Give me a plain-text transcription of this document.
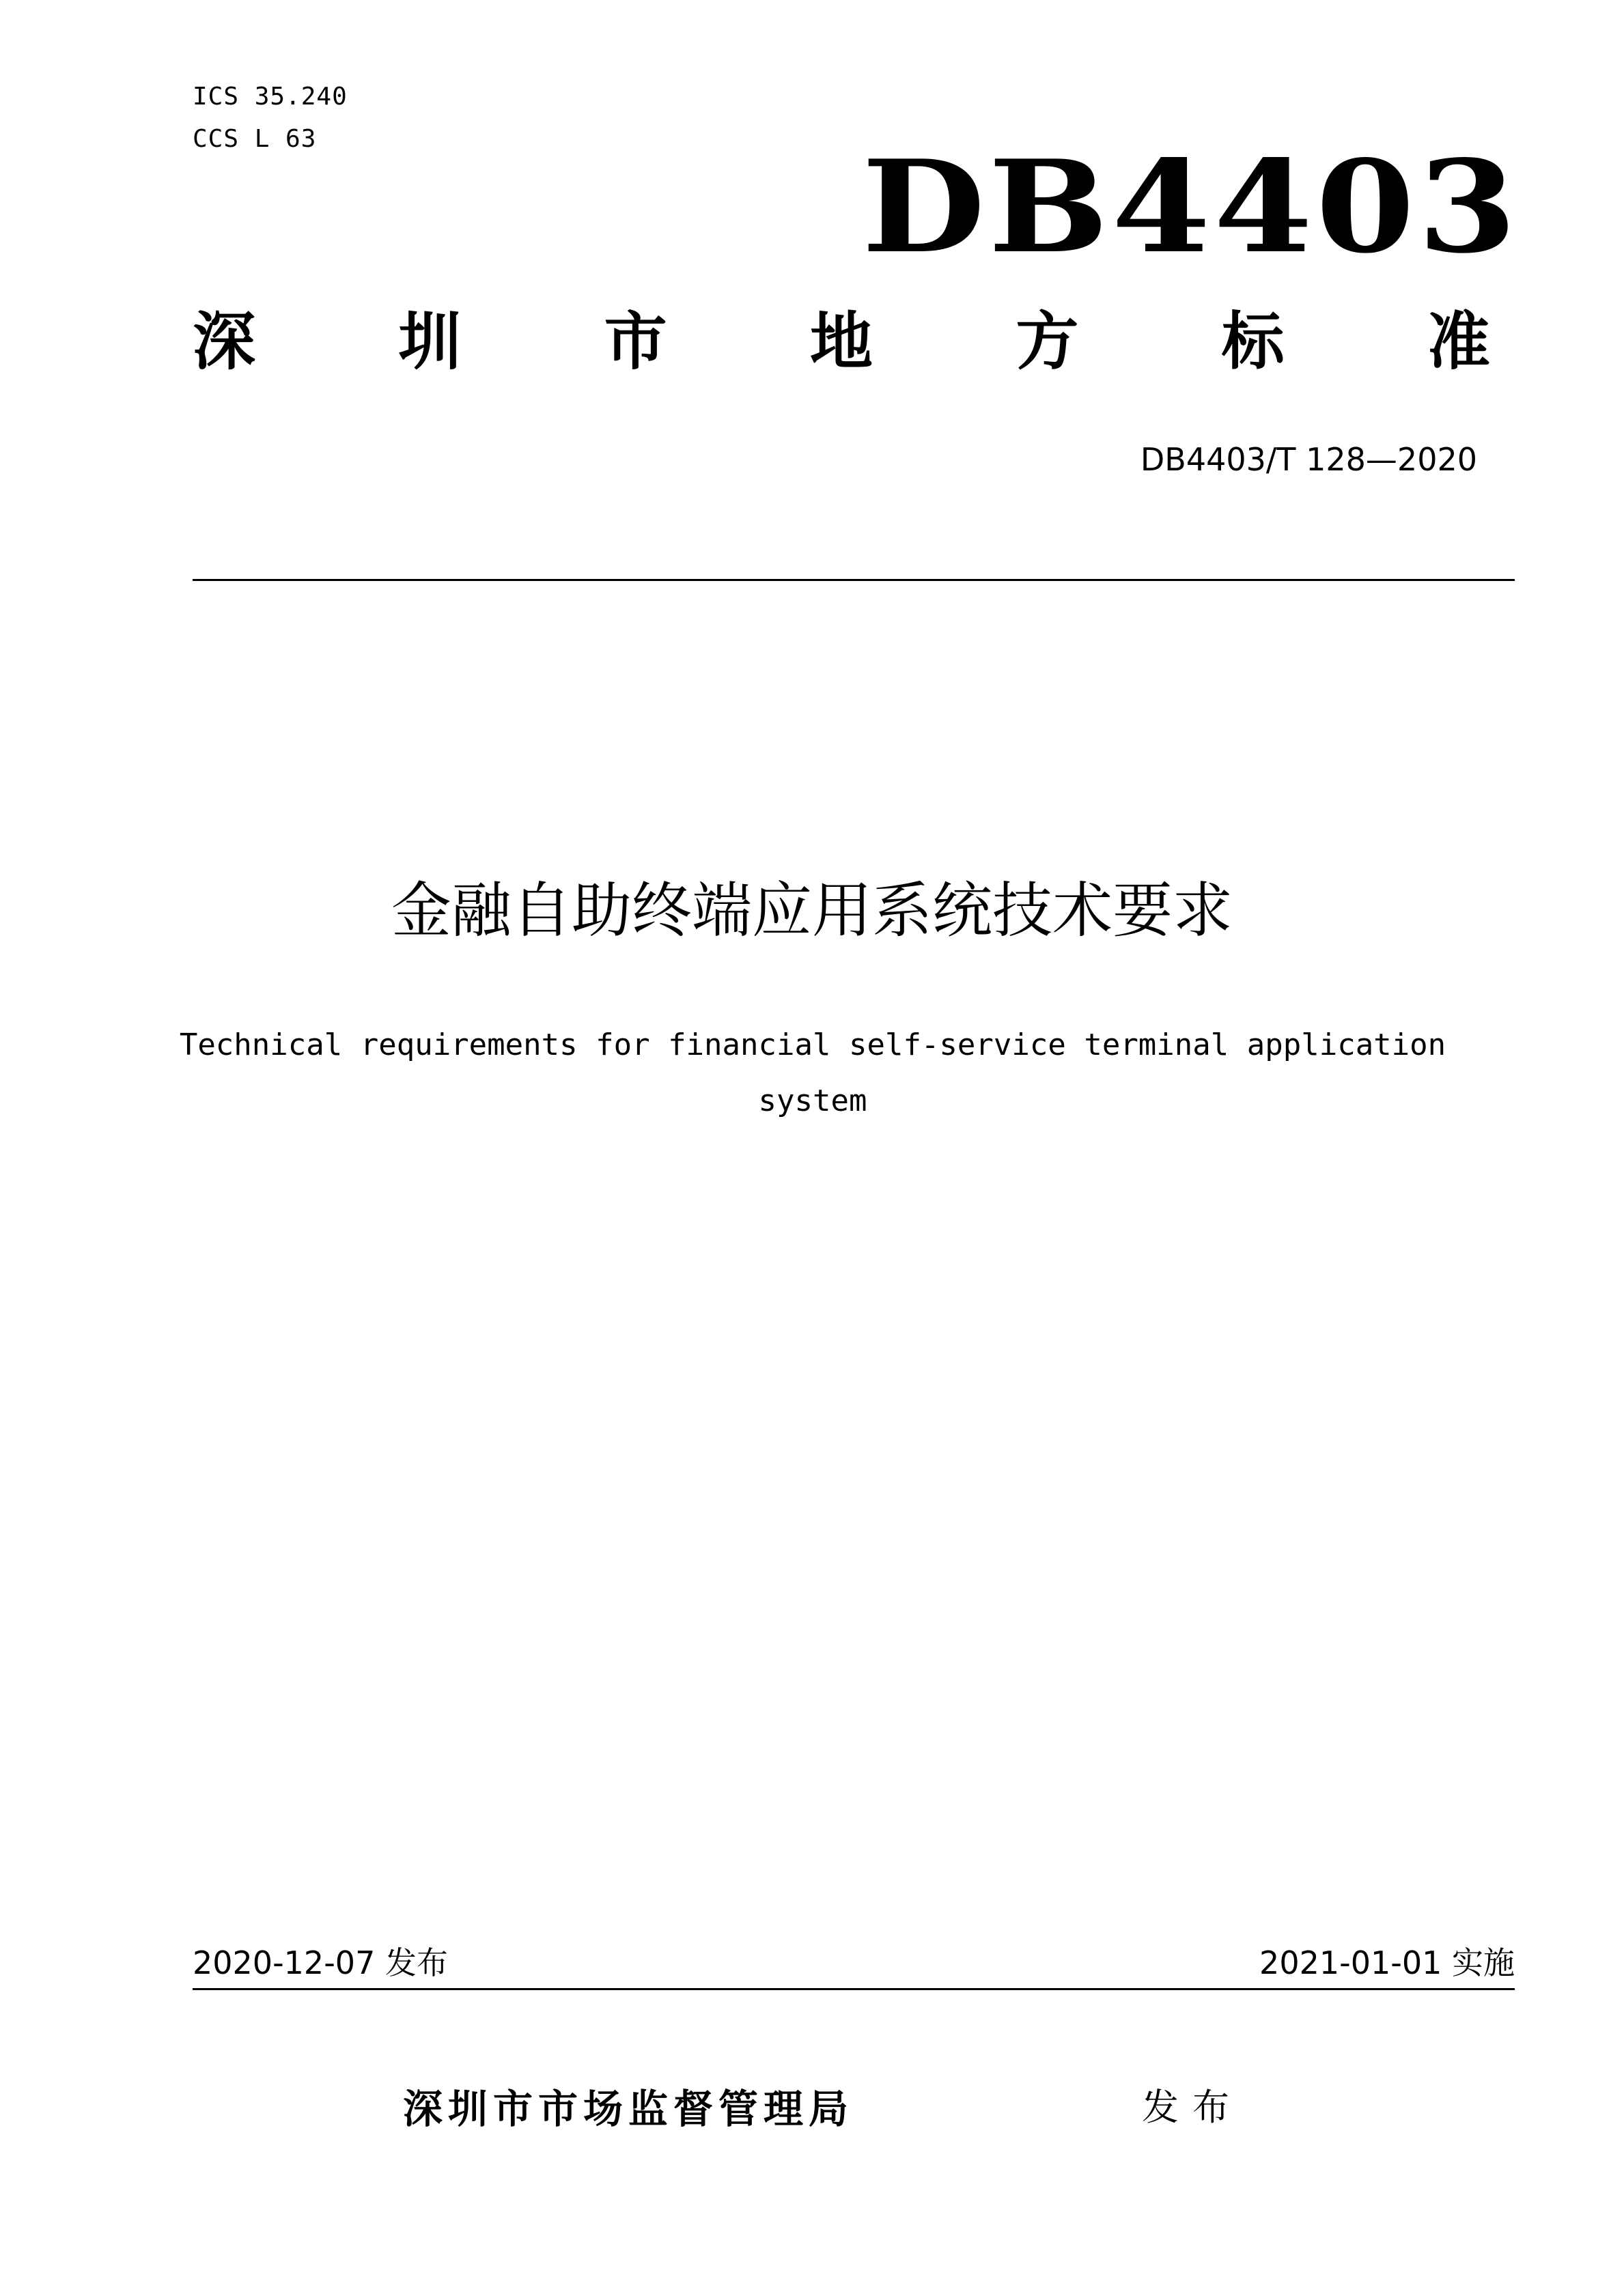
ICS 35.240
CCS L 63	DB4403
深 圳 市 地 方 标 准
DB4403/T 128—2020
金融自助终端应用系统技术要求
Technical requirements for financial self-service terminal application
system
2020-12-07 发布	2021-01-01 实施
深圳市市场监督管理局	发布
